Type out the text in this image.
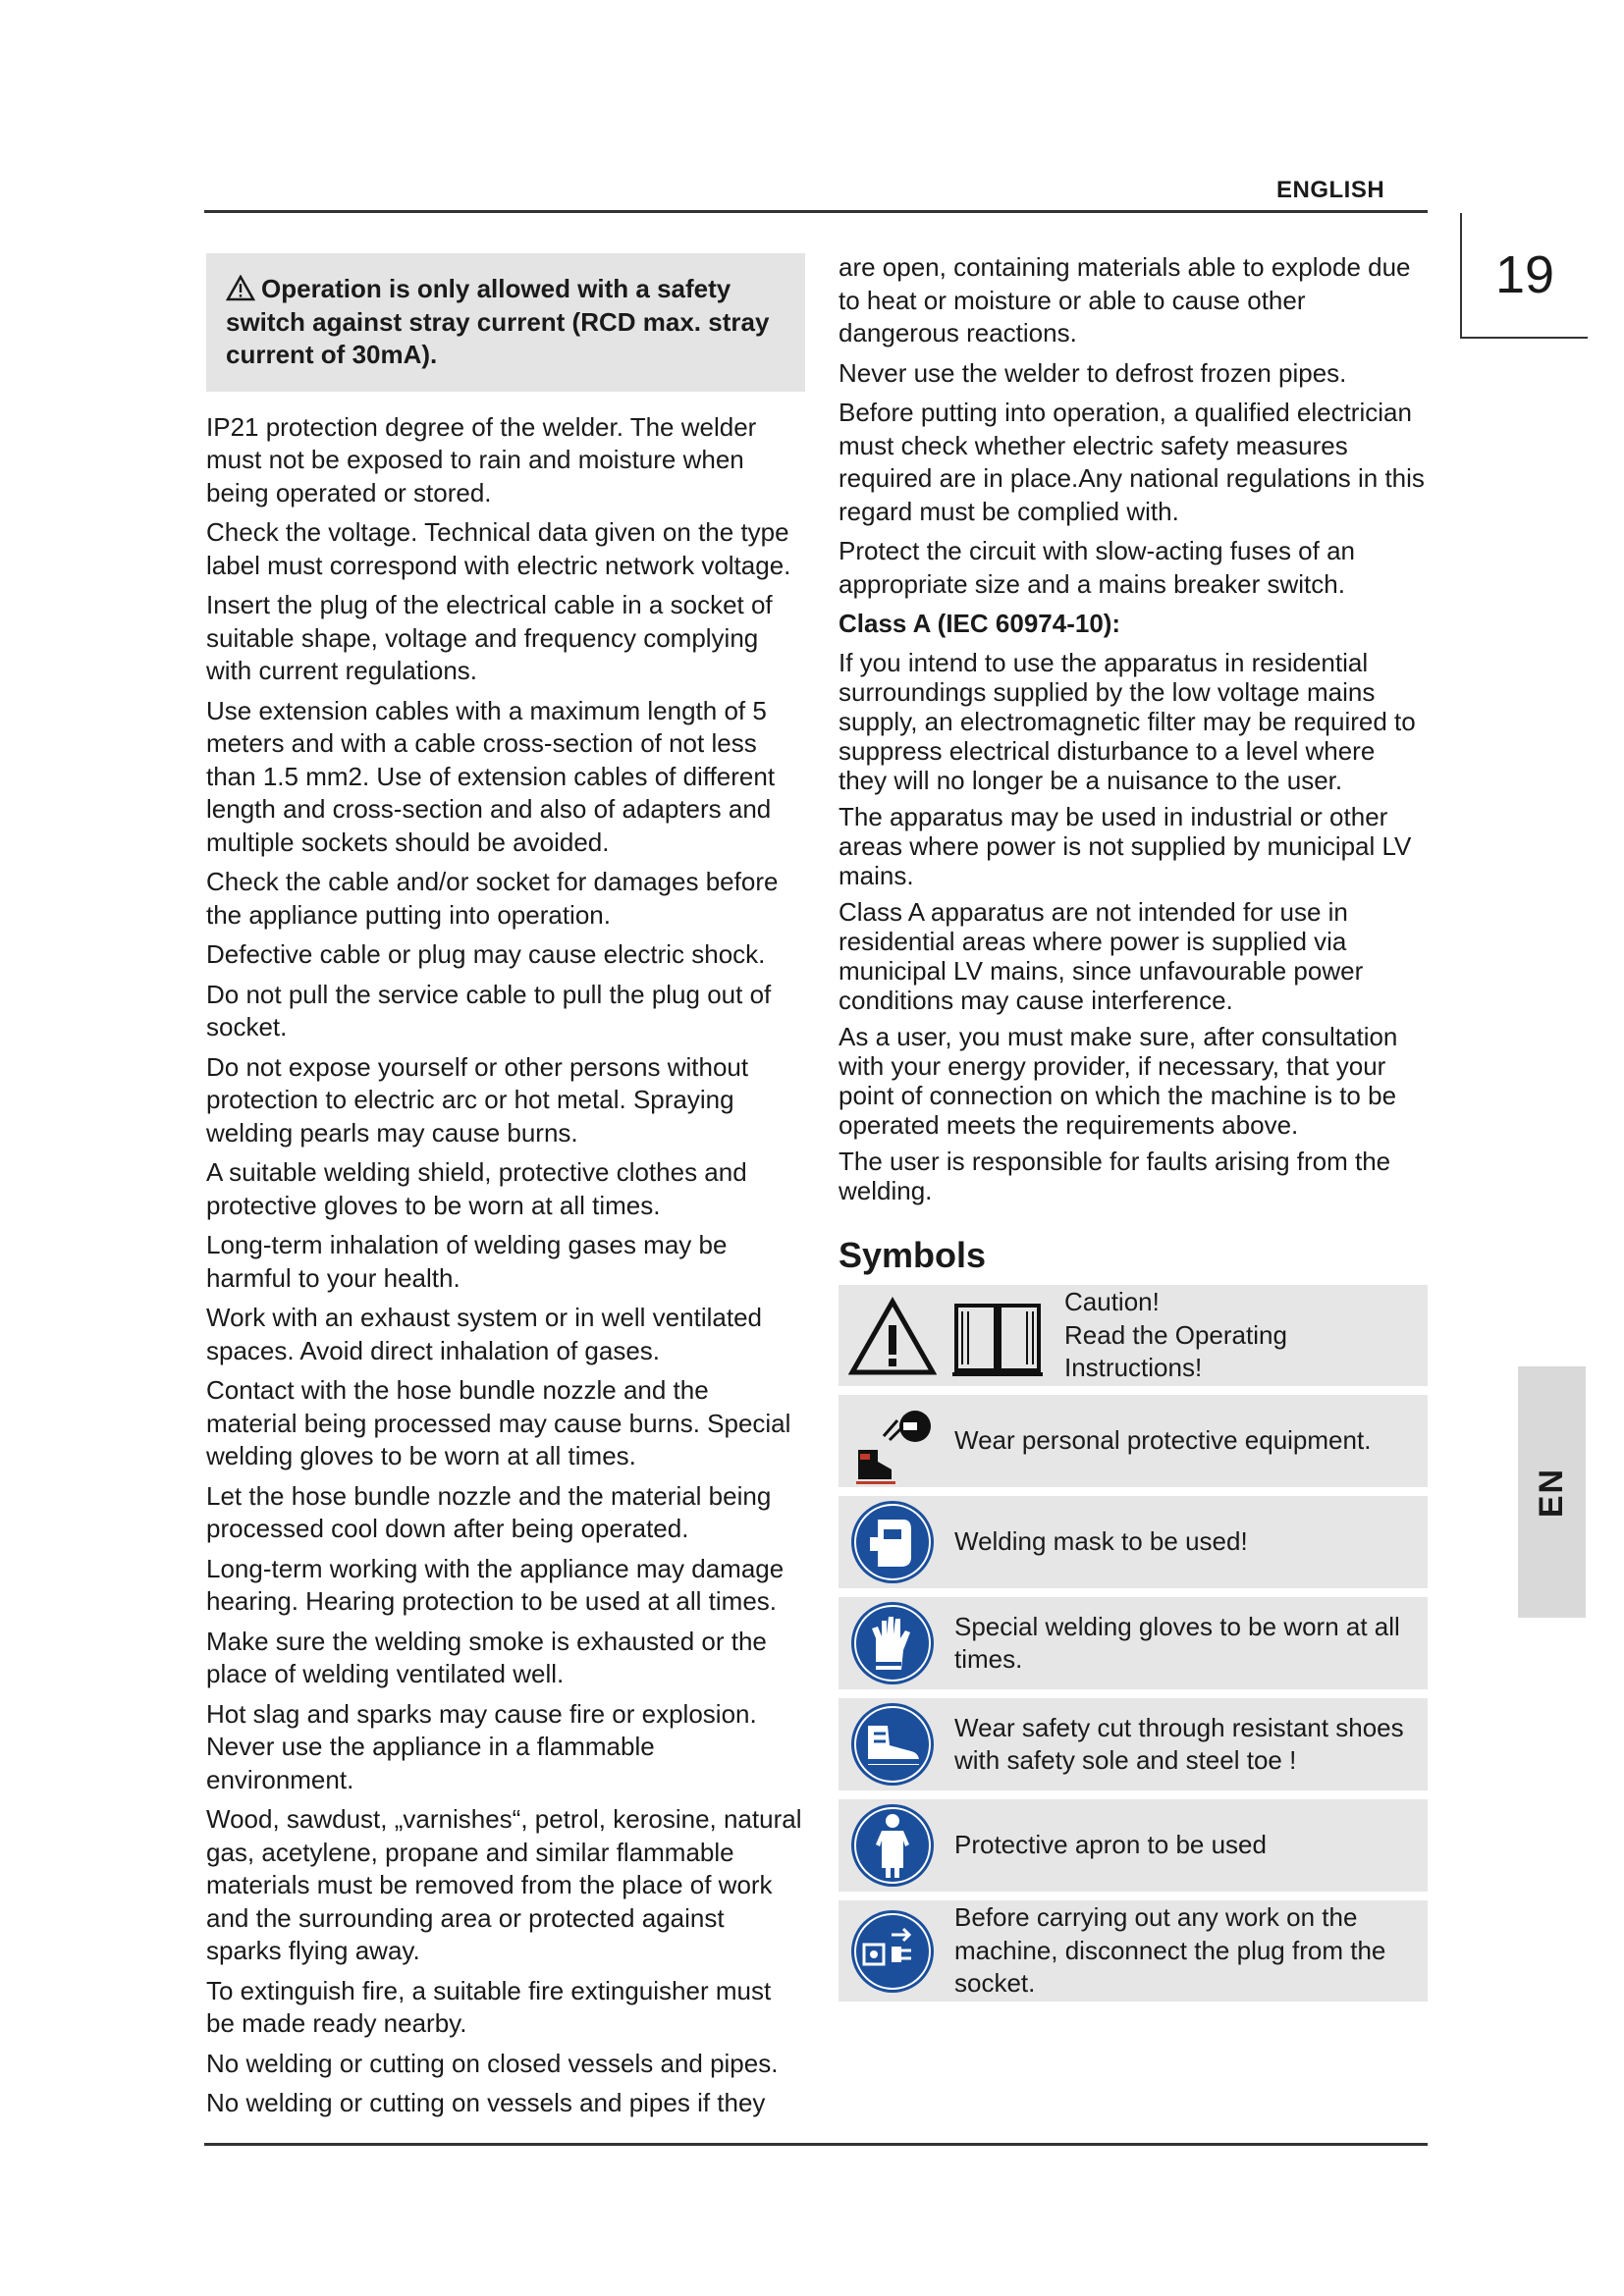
ENGLISH
19
EN
Operation is only allowed with a safety switch against stray current (RCD max. stray current of 30mA).

IP21 protection degree of the welder. The welder must not be exposed to rain and moisture when being operated or stored.

Check the voltage. Technical data given on the type label must correspond with electric network voltage.

Insert the plug of the electrical cable in a socket of suitable shape, voltage and frequency complying with current regulations.

Use extension cables with a maximum length of 5 meters and with a cable cross-section of not less than 1.5 mm2. Use of extension cables of different length and cross-section and also of adapters and multiple sockets should be avoided.

Check the cable and/or socket for damages before the appliance putting into operation.

Defective cable or plug may cause electric shock.

Do not pull the service cable to pull the plug out of socket.

Do not expose yourself or other persons without protection to electric arc or hot metal. Spraying welding pearls may cause burns.

A suitable welding shield, protective clothes and protective gloves to be worn at all times.

Long-term inhalation of welding gases may be harmful to your health.

Work with an exhaust system or in well ventilated spaces. Avoid direct inhalation of gases.

Contact with the hose bundle nozzle and the material being processed may cause burns. Special welding gloves to be worn at all times.

Let the hose bundle nozzle and the material being processed cool down after being operated.

Long-term working with the appliance may damage hearing. Hearing protection to be used at all times.

Make sure the welding smoke is exhausted or the place of welding ventilated well.

Hot slag and sparks may cause fire or explosion. Never use the appliance in a flammable environment.

Wood, sawdust, „varnishes“, petrol, kerosine, natural gas, acetylene, propane and similar flammable materials must be removed from the place of work and the surrounding area or protected against sparks flying away.

To extinguish fire, a suitable fire extinguisher must be made ready nearby.

No welding or cutting on closed vessels and pipes.

No welding or cutting on vessels and pipes if they

are open, containing materials able to explode due to heat or moisture or able to cause other dangerous reactions.

Never use the welder to defrost frozen pipes.

Before putting into operation, a qualified electrician must check whether electric safety measures required are in place.Any national regulations in this regard must be complied with.

Protect the circuit with slow-acting fuses of an appropriate size and a mains breaker switch.

Class A (IEC 60974-10):

If you intend to use the apparatus in residential surroundings supplied by the low voltage mains supply, an electromagnetic filter may be required to suppress electrical disturbance to a level where they will no longer be a nuisance to the user.

The apparatus may be used in industrial or other areas where power is not supplied by municipal LV mains.

Class A apparatus are not intended for use in residential areas where power is supplied via municipal LV mains, since unfavourable power conditions may cause interference.

As a user, you must make sure, after consultation with your energy provider, if necessary, that your point of connection on which the machine is to be operated meets the requirements above.

The user is responsible for faults arising from the welding.

Symbols
Caution!
Read the Operating Instructions!
Wear personal protective equipment.
Welding mask to be used!
Special welding gloves to be worn at all times.
Wear safety cut through resistant shoes with safety sole and steel toe !
Protective apron to be used
Before carrying out any work on the machine, disconnect the plug from the socket.
